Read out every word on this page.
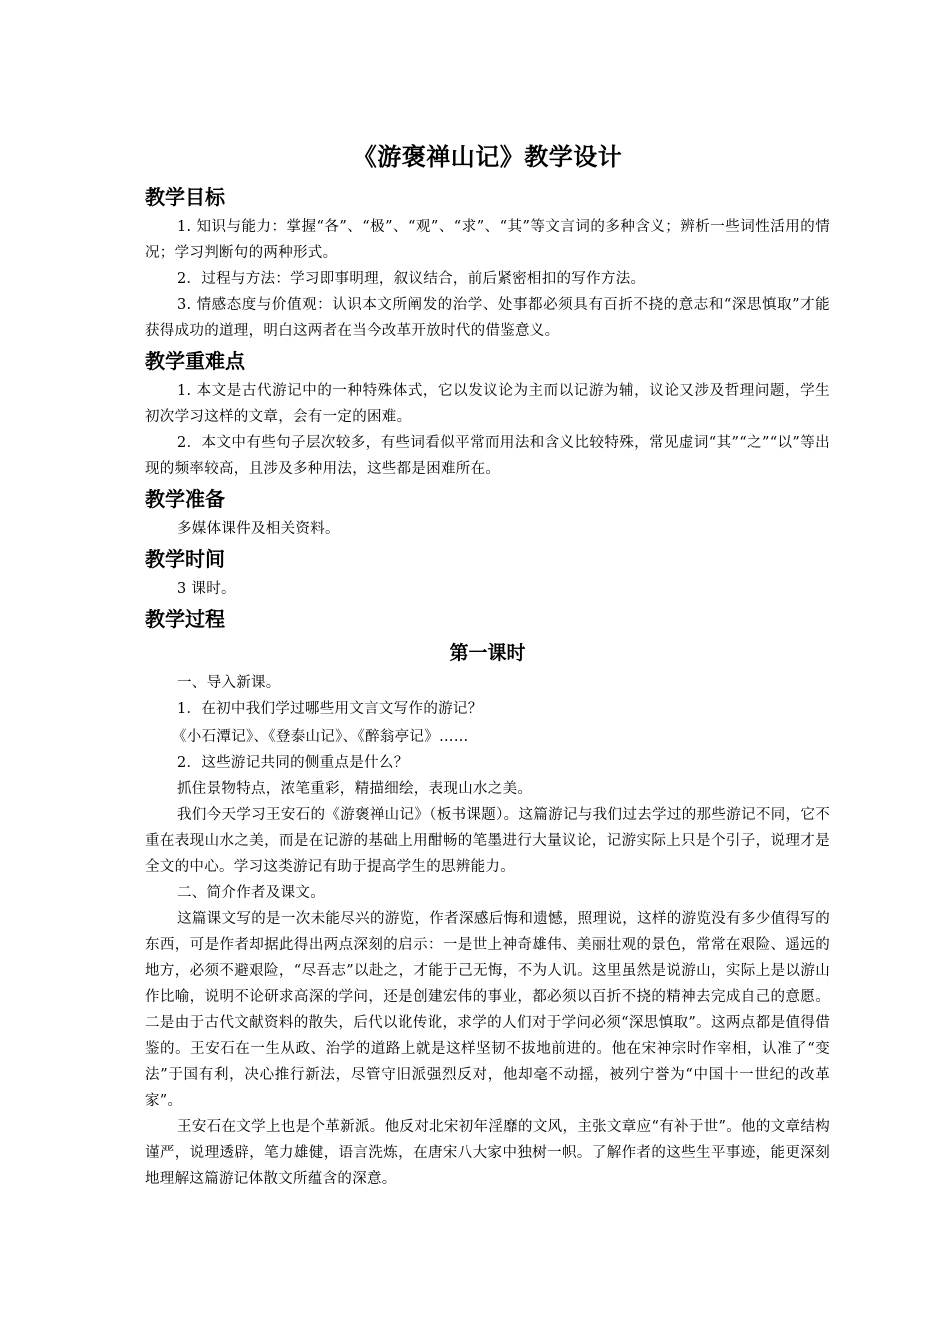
《游褒禅山记》教学设计
教学目标

1. 知识与能力：掌握“各”、“极”、“观”、“求”、“其”等文言词的多种含义；辨析一些词性活用的情况；学习判断句的两种形式。

2．过程与方法：学习即事明理，叙议结合，前后紧密相扣的写作方法。

3. 情感态度与价值观：认识本文所阐发的治学、处事都必须具有百折不挠的意志和“深思慎取”才能获得成功的道理，明白这两者在当今改革开放时代的借鉴意义。

教学重难点

1. 本文是古代游记中的一种特殊体式，它以发议论为主而以记游为辅，议论又涉及哲理问题，学生初次学习这样的文章，会有一定的困难。

2．本文中有些句子层次较多，有些词看似平常而用法和含义比较特殊，常见虚词“其”“之”“以”等出现的频率较高，且涉及多种用法，这些都是困难所在。

教学准备

多媒体课件及相关资料。

教学时间

3 课时。

教学过程
第一课时

一、导入新课。

1．在初中我们学过哪些用文言文写作的游记？

《小石潭记》、《登泰山记》、《醉翁亭记》……

2．这些游记共同的侧重点是什么？

抓住景物特点，浓笔重彩，精描细绘，表现山水之美。

我们今天学习王安石的《游褒禅山记》（板书课题）。这篇游记与我们过去学过的那些游记不同，它不重在表现山水之美，而是在记游的基础上用酣畅的笔墨进行大量议论，记游实际上只是个引子，说理才是全文的中心。学习这类游记有助于提高学生的思辨能力。

二、简介作者及课文。

这篇课文写的是一次未能尽兴的游览，作者深感后悔和遗憾，照理说，这样的游览没有多少值得写的东西，可是作者却据此得出两点深刻的启示：一是世上神奇雄伟、美丽壮观的景色，常常在艰险、遥远的地方，必须不避艰险，“尽吾志”以赴之，才能于己无悔，不为人讥。这里虽然是说游山，实际上是以游山作比喻，说明不论研求高深的学问，还是创建宏伟的事业，都必须以百折不挠的精神去完成自己的意愿。二是由于古代文献资料的散失，后代以讹传讹，求学的人们对于学问必须“深思慎取”。这两点都是值得借鉴的。王安石在一生从政、治学的道路上就是这样坚韧不拔地前进的。他在宋神宗时作宰相，认准了“变法”于国有利，决心推行新法，尽管守旧派强烈反对，他却毫不动摇，被列宁誉为“中国十一世纪的改革家”。

王安石在文学上也是个革新派。他反对北宋初年淫靡的文风，主张文章应“有补于世”。他的文章结构谨严，说理透辟，笔力雄健，语言洗炼，在唐宋八大家中独树一帜。了解作者的这些生平事迹，能更深刻地理解这篇游记体散文所蕴含的深意。
